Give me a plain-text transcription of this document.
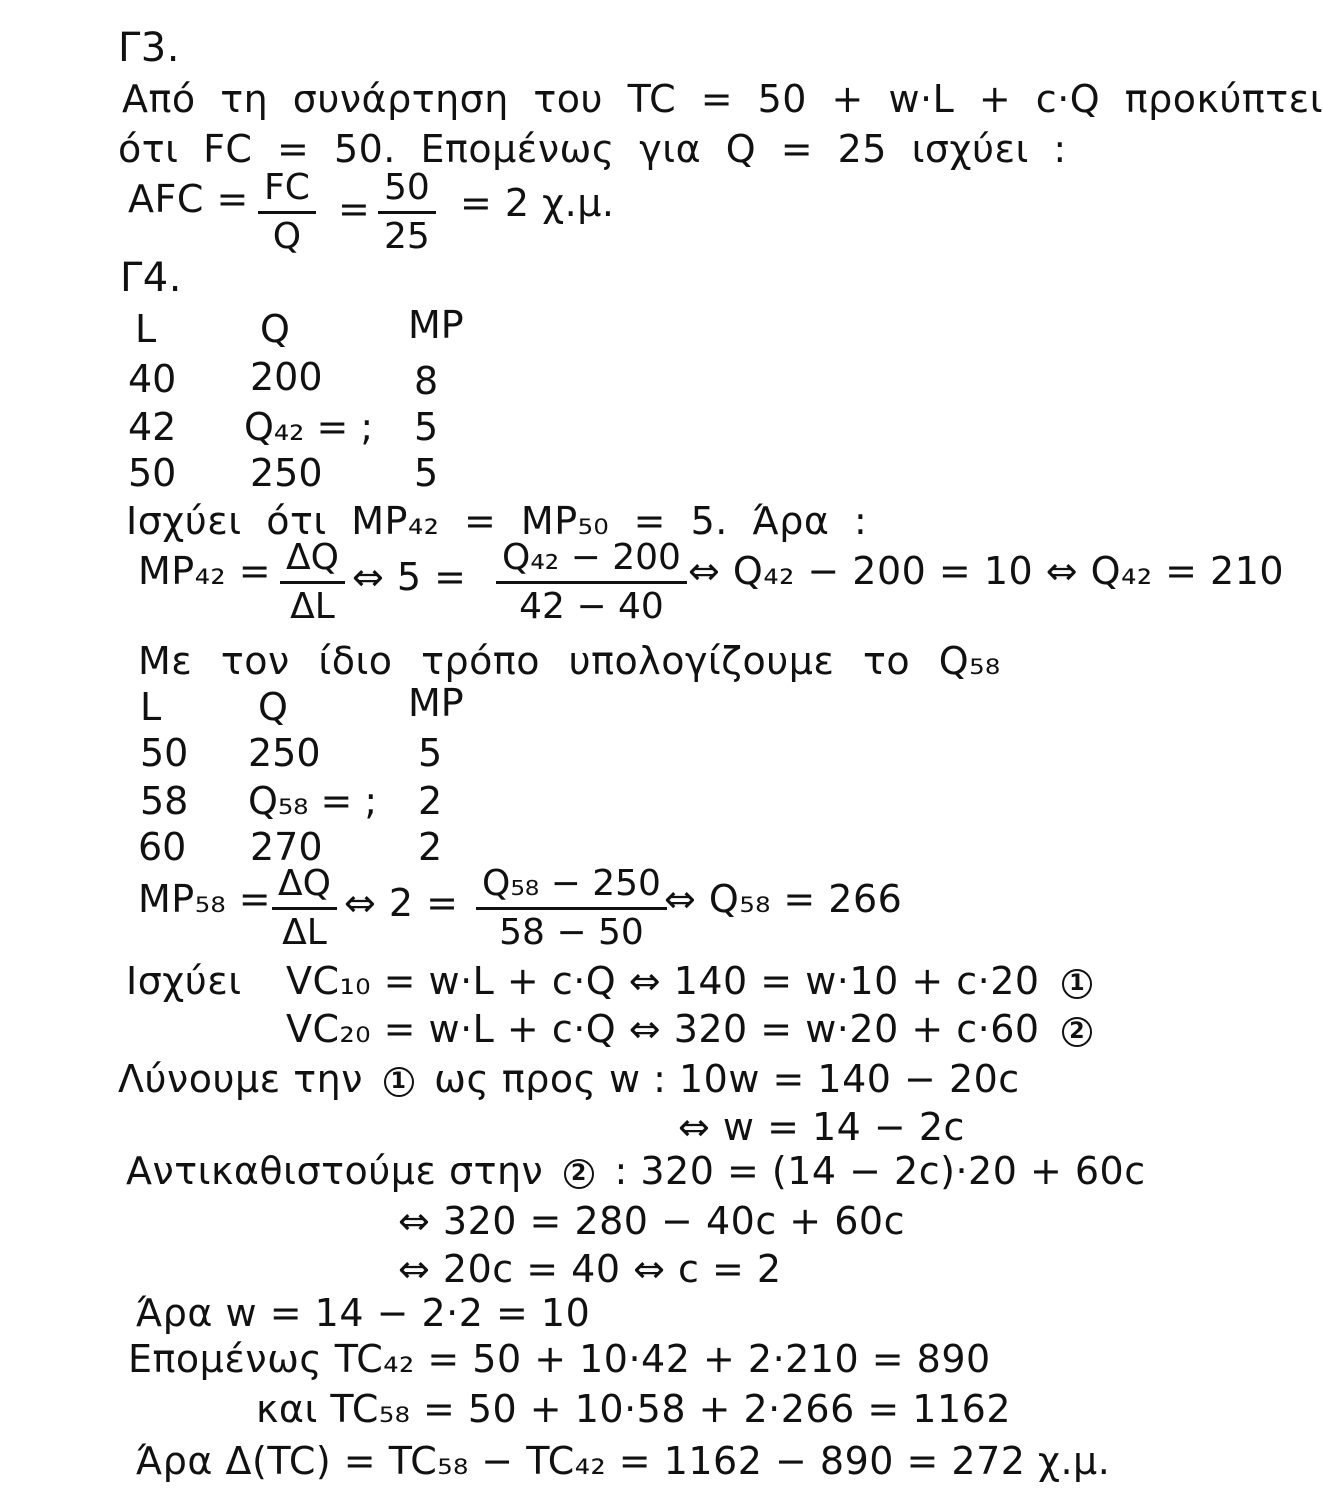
Γ3.
Από τη συνάρτηση του TC = 50 + w·L + c·Q προκύπτει
ότι FC = 50. Επομένως για Q = 25 ισχύει :
AFC = $\frac{FC}{Q} = \frac{50}{25} = 2$ χ.μ.
Γ4.
L	Q	MP
40 200 8
42 Q₄₂ = ; 5
50 250 5
Ισχύει ότι MP₄₂ = MP₅₀ = 5. Άρα :
$MP_{42} = \frac{\Delta Q}{\Delta L}$ ⇔ $5 = \frac{\text{Q₄₂ − 200}}{42 - 40}$ ⇔ Q₄₂ − 200 = 10 ⇔ Q₄₂ = 210
Με τον ίδιο τρόπο υπολογίζουμε το Q₅₈
L	Q	MP
50 250	5
58 Q₅₈ = ; 2
60 270	2
$MP_{58} = \frac{\Delta Q}{\Delta L}$ ⇔ $2 = \frac{\text{Q₅₈ − 250}}{58 - 50}$
⇔ Q₅₈ = 266
Ισχύει VC₁₀ = w·L + c·Q ⇔ 140 = w·10 + c·20 1
VC₂₀ = w·L + c·Q ⇔ 320 = w·20 + c·60 2
Λύνουμε την 1 ως προς w : 10w = 140 − 20c
⇔ w = 14 − 2c
Αντικαθιστούμε στην 2 : 320 = (14 − 2c)·20 + 60c
⇔ 320 = 280 − 40c + 60c
⇔ 20c = 40 ⇔ c = 2
Άρα w = 14 − 2·2 = 10
Επομένως TC₄₂ = 50 + 10·42 + 2·210 = 890
και TC₅₈ = 50 + 10·58 + 2·266 = 1162
Άρα Δ(TC) = TC₅₈ − TC₄₂ = 1162 − 890 = 272 χ.μ.
